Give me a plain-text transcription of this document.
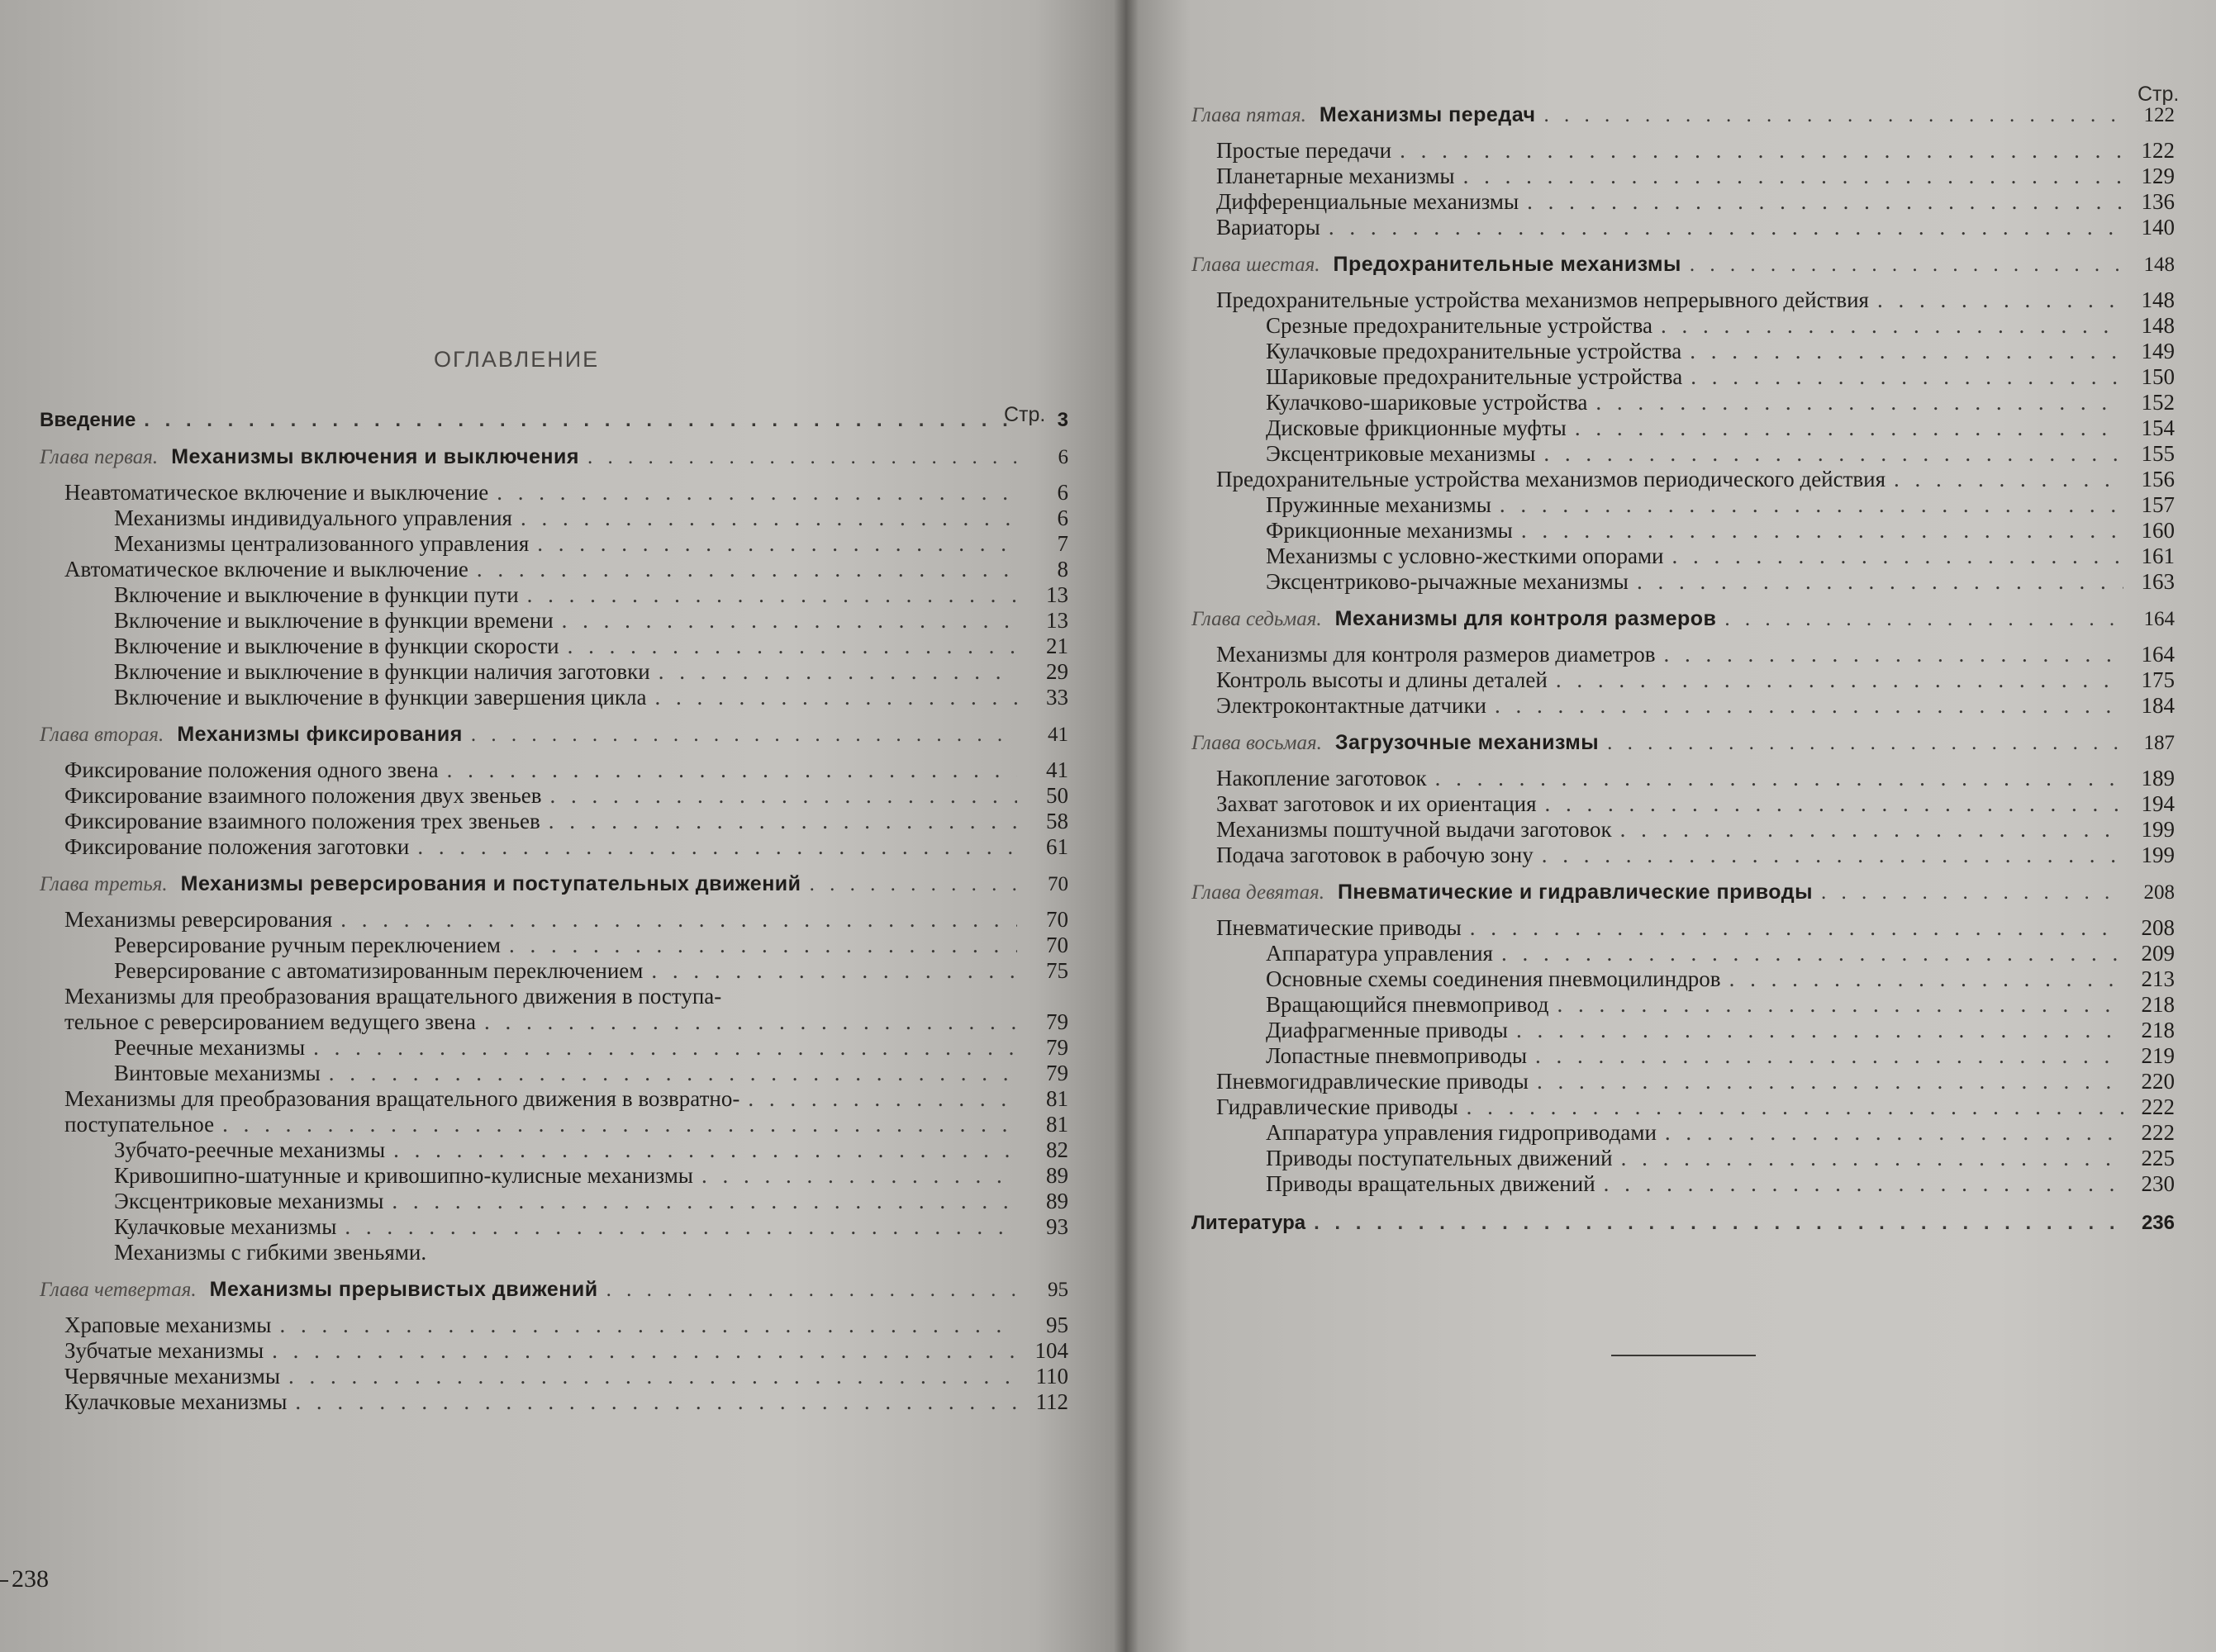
ОГЛАВЛЕНИЕ
Стр.
Введение . . .	3
Глава первая. Механизмы включения и выключения . . .	6
Неавтоматическое включение и выключение . . .	6
Механизмы индивидуального управления . . .	6
Механизмы централизованного управления . . .	7
Автоматическое включение и выключение . . .	8
Включение и выключение в функции пути . . .	13
Включение и выключение в функции времени . . .	13
Включение и выключение в функции скорости . . .	21
Включение и выключение в функции наличия заготовки . . .	29
Включение и выключение в функции завершения цикла . . .	33
Глава вторая. Механизмы фиксирования . . .	41
Фиксирование положения одного звена . . .	41
Фиксирование взаимного положения двух звеньев . . .	50
Фиксирование взаимного положения трех звеньев . . .	58
Фиксирование положения заготовки . . .	61
Глава третья. Механизмы реверсирования и поступательных движений . . .	70
Механизмы реверсирования . . .	70
Реверсирование ручным переключением . . .	70
Реверсирование с автоматизированным переключением . . .	75
Механизмы для преобразования вращательного движения в поступа-
тельное с реверсированием ведущего звена . . .	79
Реечные механизмы . . .	79
Винтовые механизмы . . .	79
Механизмы для преобразования вращательного движения в возвратно- . . .	81
поступательное . . .	81
Зубчато-реечные механизмы . . .	82
Кривошипно-шатунные и кривошипно-кулисные механизмы . . .	89
Эксцентриковые механизмы . . .	89
Кулачковые механизмы . . .	93
Механизмы с гибкими звеньями.
Глава четвертая. Механизмы прерывистых движений . . .	95
Храповые механизмы . . .	95
Зубчатые механизмы . . .	104
Червячные механизмы . . .	110
Кулачковые механизмы . . .	112
238
Стр.
Глава пятая. Механизмы передач . . .	122
Простые передачи . . .	122
Планетарные механизмы . . .	129
Дифференциальные механизмы . . .	136
Вариаторы . . .	140
Глава шестая. Предохранительные механизмы . . .	148
Предохранительные устройства механизмов непрерывного действия . . .	148
Срезные предохранительные устройства . . .	148
Кулачковые предохранительные устройства . . .	149
Шариковые предохранительные устройства . . .	150
Кулачково-шариковые устройства . . .	152
Дисковые фрикционные муфты . . .	154
Эксцентриковые механизмы . . .	155
Предохранительные устройства механизмов периодического действия . . .	156
Пружинные механизмы . . .	157
Фрикционные механизмы . . .	160
Механизмы с условно-жесткими опорами . . .	161
Эксцентриково-рычажные механизмы . . .	163
Глава седьмая. Механизмы для контроля размеров . . .	164
Механизмы для контроля размеров диаметров . . .	164
Контроль высоты и длины деталей . . .	175
Электроконтактные датчики . . .	184
Глава восьмая. Загрузочные механизмы . . .	187
Накопление заготовок . . .	189
Захват заготовок и их ориентация . . .	194
Механизмы поштучной выдачи заготовок . . .	199
Подача заготовок в рабочую зону . . .	199
Глава девятая. Пневматические и гидравлические приводы . . .	208
Пневматические приводы . . .	208
Аппаратура управления . . .	209
Основные схемы соединения пневмоцилиндров . . .	213
Вращающийся пневмопривод . . .	218
Диафрагменные приводы . . .	218
Лопастные пневмоприводы . . .	219
Пневмогидравлические приводы . . .	220
Гидравлические приводы . . .	222
Аппаратура управления гидроприводами . . .	222
Приводы поступательных движений . . .	225
Приводы вращательных движений . . .	230
Литература . . .	236
